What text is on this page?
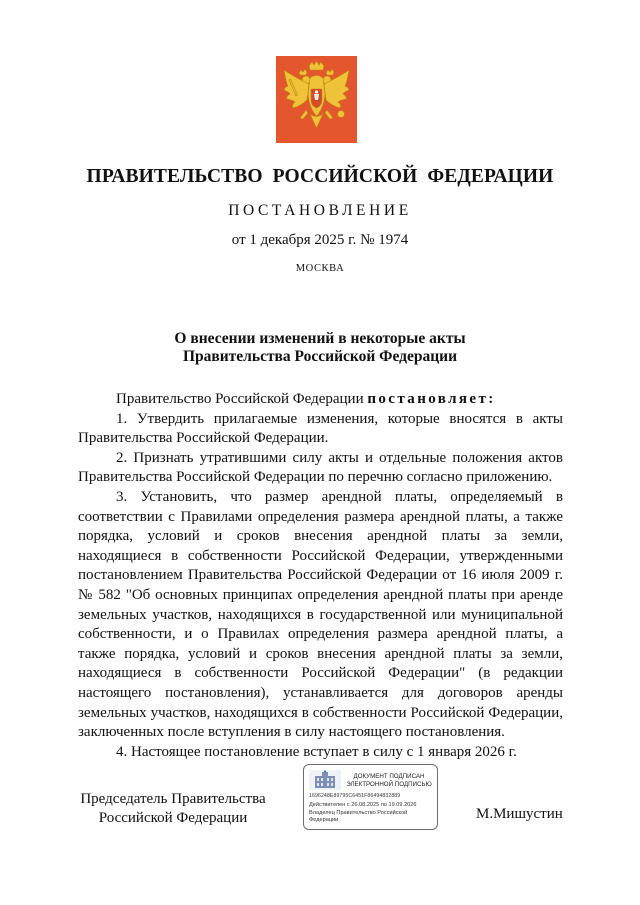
ПРАВИТЕЛЬСТВО РОССИЙСКОЙ ФЕДЕРАЦИИ
ПОСТАНОВЛЕНИЕ
от 1 декабря 2025 г. № 1974
МОСКВА
О внесении изменений в некоторые акты
Правительства Российской Федерации

Правительство Российской Федерации постановляет:

1. Утвердить прилагаемые изменения, которые вносятся в акты Правительства Российской Федерации.

2. Признать утратившими силу акты и отдельные положения актов Правительства Российской Федерации по перечню согласно приложению.

3. Установить, что размер арендной платы, определяемый в соответствии с Правилами определения размера арендной платы, а также порядка, условий и сроков внесения арендной платы за земли, находящиеся в собственности Российской Федерации, утвержденными постановлением Правительства Российской Федерации от 16 июля 2009 г. № 582 "Об основных принципах определения арендной платы при аренде земельных участков, находящихся в государственной или муниципальной собственности, и о Правилах определения размера арендной платы, а также порядка, условий и сроков внесения арендной платы за земли, находящиеся в собственности Российской Федерации" (в редакции настоящего постановления), устанавливается для договоров аренды земельных участков, находящихся в собственности Российской Федерации, заключенных после вступления в силу настоящего постановления.

4. Настоящее постановление вступает в силу с 1 января 2026 г.

Председатель Правительства
Российской Федерации
ДОКУМЕНТ ПОДПИСАН
ЭЛЕКТРОННОЙ ПОДПИСЬЮ
1696248E89795C6451F86494832889
Действителен с 26.08.2025 по 19.09.2026
Владелец Правительство Российской Федерации	М.Мишустин
